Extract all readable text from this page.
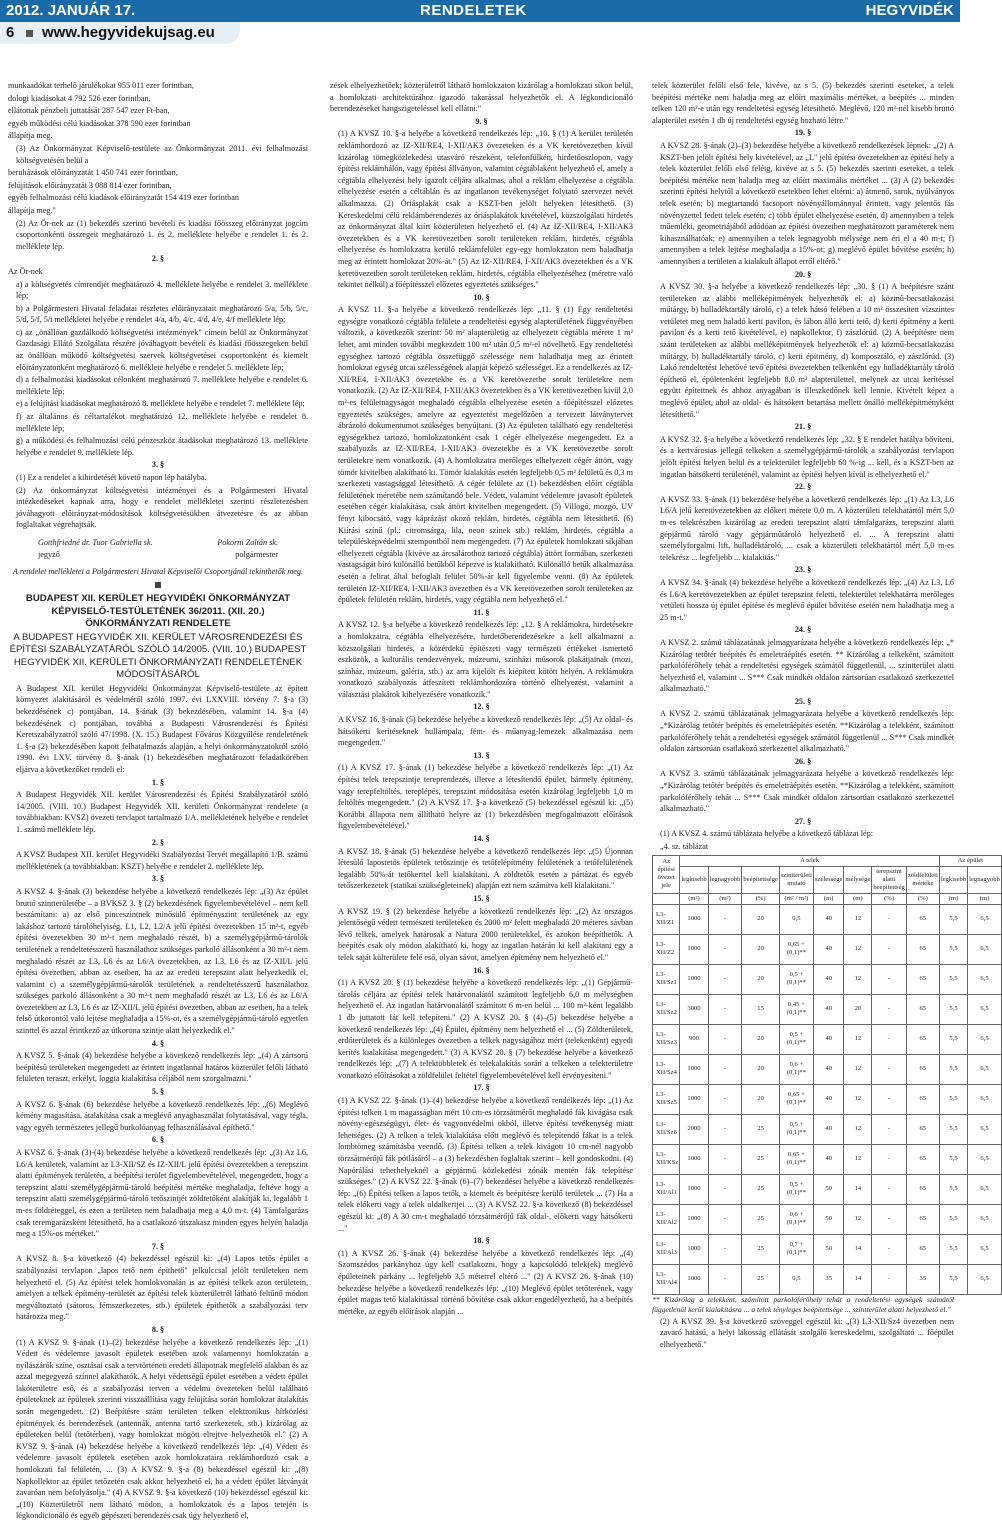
2012. JANUÁR 17.	RENDELETEK	HEGYVIDÉK
6 www.hegyvidekujsag.eu

munkaadókat terhelő járulékokat 955 011 ezer forintban,

dologi kiadásokat 4 792 526 ezer forintban,

ellátottak pénzbeli juttatását 287 547 ezer Ft-ban,

egyéb működési célú kiadásokat 378 590 ezer forintban

állapítja meg.

(3) Az Önkormányzat Képviselő-testülete az Önkormányzat 2011. évi felhalmozási költségvetésén belül a

beruházások előirányzatát 1 450 741 ezer forintban,

felújítások előirányzatát 3 088 814 ezer forintban,

egyéb felhalmozási célú kiadások előirányzatát 154 419 ezer forintban

állapítja meg."

(2) Az Ör-nek az (1) bekezdés szerinti bevételi és kiadási főösszeg előirányzat jogcím csoportonkénti összegeit meghatározó 1. és 2. melléklete helyébe e rendelet 1. és 2. melléklete lép.

2. §

Az Ör-nek

a) a költségvetés címrendjét meghatározó 4. melléklete helyébe e rendelet 3. melléklete lép;

b) a Polgármesteri Hivatal feladatai részletes előirányzatait meghatározó 5/a, 5/b, 5/c, 5/d, 5/f, 5/i mellékletei helyébe e rendelet 4/a, 4/b, 4/c, 4/d, 4/e, 4/f melléklete lép;

c) az „önállóan gazdálkodó költségvetési intézmények" címein belül az Önkormányzat Gazdasági Ellátó Szolgálata részére jóváhagyott bevételi és kiadási főösszegeken belül az önállóan működő költségvetési szervek költségvetései csoportonként és kiemelt előirányzatonként meghatározó 6. melléklete helyébe e rendelet 5. melléklete lép;

d) a felhalmozási kiadásokat célonként meghatározó 7. melléklete helyébe e rendelet 6. melléklete lép;

e) a felújítási kiadásokat meghatározó 8. melléklete helyébe e rendelet 7. melléklete lép;

f) az általános és céltartalékot meghatározó 12. melléklete helyébe e rendelet 8. melléklete lép;

g) a működési és felhalmozási célú pénzeszköz átadásokat meghatározó 13. melléklete helyébe e rendelet 9. melléklete lép.

3. §

(1) Ez a rendelet a kihirdetését követő napon lép hatályba.

(2) Az önkormányzat költségvetési intézményei és a Polgármesteri Hivatal intézkedéseket kapnak arra, hogy e rendelet mellékletei szerinti részletezésben jóváhagyott előirányzat-módosítások költségvetésükben átvezetésre és az abban foglaltakat végrehajtsák.

Gotthfriedné dr. Tuor Gabriella sk.	Pokorni Zoltán sk.
jegyző	polgármester

A rendelet mellékletei a Polgármesteri Hivatal Képviselői Csoportjánál tekinthetők meg.

BUDAPEST XII. KERÜLET HEGYVIDÉKI ÖNKORMÁNYZAT KÉPVISELŐ-TESTÜLETÉNEK 36/2011. (XII. 20.) ÖNKORMÁNYZATI RENDELETE

A BUDAPEST HEGYVIDÉK XII. KERÜLET VÁROSRENDEZÉSI ÉS ÉPÍTÉSI SZABÁLYZATÁRÓL SZÓLÓ 14/2005. (VIII. 10.) BUDAPEST HEGYVIDÉK XII. KERÜLETI ÖNKORMÁNYZATI RENDELETÉNEK MÓDOSÍTÁSÁRÓL

A Budapest XII. kerület Hegyvidéki Önkormányzat Képviselő-testülete az épített környezet alakításáról és védelméről szóló 1997. évi LXXVIII. törvény 7. §-a (3) bekezdésének c) pontjában, 14. §-ának (3) bekezdésében, valamint 14. §-a (4) bekezdésének c) pontjában, továbbá a Budapesti Városrendezési és Építési Keretszabályzatról szóló 47/1998. (X. 15.) Budapest Főváros Közgyűlése rendeletének 1. §-a (2) bekezdésében kapott felhatalmazás alapján, a helyi önkormányzatokról szóló 1990. évi LXV. törvény 8. §-ának (1) bekezdésében meghatározott feladatkörében eljárva a következőket rendeli el:

1. §

A Budapest Hegyvidék XII. kerület Városrendezési és Építési Szabályzatáról szóló 14/2005. (VIII. 10.) Budapest Hegyvidék XII. kerületi Önkormányzat rendelete (a továbbiakban: KVSZ) övezeti tervlapot tartalmazó 1/A. mellékletének helyébe e rendelet 1. számú melléklete lép.

2. §

A KVSZ Budapest XII. kerület Hegyvidéki Szabályozási Tervét megállapító 1/B. számú mellékletének (a továbbiakban: KSZT) helyébe e rendelet 2. melléklete lép.

3. §

A KVSZ 4. §-ának (3) bekezdése helyébe a következő rendelkezés lép: „(3) Az épület bruttó szintterületébe – a BVKSZ 3. § (2) bekezdésének figyelembevételével – nem kell beszámítani: a) az első pinceszintnek minősülő építményszint területének az egy lakáshoz tartozó tárolóhelyiség, L1, L2, L2/A jelű építési övezetekben 15 m²-t, egyéb építési övezetekben 30 m²-t nem meghaladó részét, b) a személygépjármű-tárolók területének a rendeltetésszerű használathoz szükséges parkoló állásonként a 30 m²-t nem meghaladó részét az L3, L6 és az L6/A övezetekben, az L3, L6 és az IZ-XII/L jelű építési övezetben, abban az esetben, ha az az eredeti terepszint alatt helyezkedik el, valamint c) a személygépjármű-tárolók területének a rendeltetésszerű használathoz szükséges parkoló állásonként a 30 m²-t nem meghaladó részét az L3, L6 és az L6/A övezetekben az L3, L6 és az IZ-XII/L jelű építési övezetben, abban az esetben, ha a telek felső útkorontól való lejtése meghaladja a 15%-ot, és a személygépjármű-tároló egyetlen szinttel és azzal érintkező az útkorona szintje alatt helyezkedik el."

4. §

A KVSZ 5. §-ának (4) bekezdése helyébe a következő rendelkezés lép: „(4) A zártsorú beépítésű területeken megengedett az érintett ingatlannal határos közterület felőli látható felületen teraszt, erkélyt, loggia kialakítása céljából nem szorgalmazni."

5. §

A KVSZ 6. §-ának (6) bekezdése helyébe a következő rendelkezés lép: „(6) Meglévő kémény magasítása, átalakítása csak a meglévő anyaghasználat folytatásával, vagy tégla, vagy egyéb természetes jellegű burkolóanyag felhasználásával építhető."

6. §

A KVSZ 6. §-ának (3)-(4) bekezdése helyébe a következő rendelkezés lép: „(3) Az L6, L6/A kerületek, valamint az L3-XII/SZ és IZ-XII/L jelű építési övezetekben a terepszint alatti építmények területén, a beépítési terület figyelembevételével, megengedett, hogy a terepszint alatti személygépjármű-tároló beépítési mértéke meghaladja, feltéve hogy a terepszint alatti személygépjármű-tároló tetőszintjét zöldtetőként alakítják ki, legalább 1 m-es földréteggel, és ezen a területen nem haladhatja meg a 4,0 m-t. (4) Támfalgarázs csak teremgarázsként létesíthető, ha a csatlakozó útszakasz minden egyes helyén haladja meg a 15%-os mértéket."

7. §

A KVSZ 8. §-a következő (4) bekezdéssel egészül ki: „(4) Lapos tetős épület a szabályozási tervlapon „lapos tető nem építhető" jelkulccsal jelölt területeken nem helyezhető el. (5) Az építési telek homlokvonalán is az építési telkek azon területein, amelyen a telkek építmény-területét az építési telek közterületről látható feltűnő módon megváltoztató (sátoros, fémszerkezetes, stb.) épületek építhetők a szabályozási terv határozza meg."

8. §

(1) A KVSZ 9. §-ának (1)–(2) bekezdése helyébe a következő rendelkezés lép: „(1) Védett és védelemre javasolt épületek esetében azok valamennyi homlokzatán a nyílászárók színe, osztásai csak a tervtörténeti eredeti állapotnak megfelelő alakban és az azzal megegyező színnel alakíthatók. A helyi védettségű épület esetében a védett épület lakóterületre eső, és a szabályozási terven a védelmi övezeteken belül található épületeknek az épületek szerinti visszaállítása vagy felújítása során homlokzat átalakítás során megengedett. (2) Beépítésre szánt területen telken elektronikus hírközlési építmények és berendezések (antennák, antenna tartó szerkezetek, stb.) kizárólag az épületeken belül (tetőtérben), vagy homlokzat mögött elrejtve helyezhetők el." (2) A KVSZ 9. §-ának (4) bekezdése helyébe a következő rendelkezés lép: „(4) Védett és védelemre javasolt épületek esetében azok homlokzataira reklámhordozó csak a homlokzati fal felületén, ... (3) A KVSZ 9. §-a (8) bekezdéssel egészül ki: „(8) Napkollektor az épület tetőzetén csak akkor helyezhető el, ha a védett épület látványát zavaróan nem befolyásolja." (4) A KVSZ 9. §-a következő (10) bekezdéssel egészül ki: „(10) Közterületről nem látható módon, a homlokzatok és a lapos tetején is légkondicionáló és egyéb gépészeti berendezés csak úgy helyezhető el,

zések elhelyezhetőek; közterületről látható homlokzaton kizárólag a homlokzati síkon belül, a homlokzati architektúrához igazodó takarással helyezhetők el. A légkondicionáló berendezéseket hangszigeteléssel kell ellátni."

9. §

(1) A KVSZ 10. §-a helyébe a következő rendelkezés lép: „10. § (1) A kerület területén reklámhordozó az IZ-XII/RE4, I-XII/AK3 övezeteken és a VK keretövezetben kívül kizárólag tömegközlekedési utasváró részeként, telefonfülkén, hirdetőoszlopon, vagy építési reklámhálón, vagy építési állványon, valamint cégtáblaként helyezhető el, amely a cégtábla elhelyezési hely igazolt céljára alkalmas, ahol a reklám elhelyezése a cégtábla elhelyezése esetén a céltáblán és az ingatlanon tevékenységet folytató szervezet nevét alkalmazza. (2) Óriásplakát csak a KSZT-ben jelölt helyeken létesíthető. (3) Kereskedelmi célú reklámberendezés az óriásplakátok kivételével, közszolgálati hirdetés az önkormányzat által kiírt közterületen helyezhető el. (4) Az IZ-XII/RE4, I-XII/AK3 övezetekben és a VK keretövezetben sorolt területeken reklám, hirdetés, cégtábla elhelyezése és homlokzatra kerülő reklámfelület egy-egy homlokzaton nem haladhatja meg az érintett homlokzat 20%-át." (5) Az IZ-XII/RE4, I-XII/AK3 övezetekben és a VK keretövezetben sorolt területeken reklám, hirdetés, cégtábla elhelyezéséhez (méretre való tekintet nélkül) a főépítésszel előzetes egyeztetés szükséges."

10. §

A KVSZ 11. §-a helyébe a következő rendelkezés lép: „11. § (1) Egy rendeltetési egységre vonatkozó cégtábla felülete a rendeltetési egység alapterületének függvényében változik, a következők szerint: 50 m² alapterületig az elhelyezett cégtábla mérete 1 m² lehet, ami minden további megkezdett 100 m² után 0,5 m²-el növelhető. Egy rendeltetési egységhez tartozó cégtábla összefüggő szélessége nem haladhatja meg az érintett homlokzat egység utcai szélességének alapját képező szélességet. Ez a rendelkezés az IZ-XII/RE4, I-XII/AK3 övezetekbe és a VK keretövezetbe sorolt területekre nem vonatkozik. (2) Az IZ-XII/RE4, I-XII/AK3 övezetekben és a VK keretövezetben kívül 2,0 m²-es felületnagyságot meghaladó cégtábla elhelyezése esetén a főépítésszel előzetes egyeztetés szükséges, amelyre az egyeztetést megelőzően a tervezett látványtervet ábrázoló dokumentumot szükséges benyújtani. (3) Az épületen található egy rendeltetési egységekhez tartozó, homlokzatonként csak 1 cégér elhelyezése megengedett. Ez a szabályozás az IZ-XII/RE4, I-XII/AK3 övezetekbe és a VK keretövezetbe sorolt területekre nem vonatkozik. (4) A homlokzatra merőleges elhelyezett cégér áttört, vagy tömör kivitelben alakítható ki. Tömör kialakítás esetén legfeljebb 0,5 m² felületű és 0,3 m szerkezeti vastagsággal létesíthető. A cégér felülete az (1) bekezdésben előírt cégtábla felületének méretébe nem számítandó bele. Védett, valamint védelemre javasolt épületek esetében cégér kialakítása, csak áttört kivitelben megengedett. (5) Villogó, mozgó, UV fényt kibocsátó, vagy káprázást okozó reklám, hirdetés, cégtábla nem létesíthető. (6) Kiírási színű (pl.: citromsárga, lila, neon színek stb.) reklám, hirdetés, cégtábla a településképvédelmi szempontból nem megengedett. (7) Az épületek homlokzati síkjában elhelyezett cégtábla (kivéve az árcsalárothoz tartozó cégtábla) áttört formában, szerkezeti vastagságát bíró különálló betűkből képezve is kialakítható. Különálló betűk alkalmazása esetén a felirat által befoglalt felület 50%-ár kell figyelembe venni. (8) Az épületek területén IZ-XII/RE4, I-XII/AK3 övezetben és a VK keretövezetben sorolt területeken az épületek felületén reklám, hirdetés, vagy cégtábla nem helyezhető el."

11. §

A KVSZ 12. §-a helyébe a következő rendelkezés lép: „12. § A reklámokra, hirdetésekre a homlokzatra, cégtábla elhelyezésére, hirdetőberendezésekre a kell alkalmazni a közszolgálati hirdetés, a közérdekű építészeti vagy természeti értékeket ismertető eszközök, a kulturális rendezvények, múzeumi, színházi műsorok plakátjainak (mozi, színház, múzeum, galéria, stb.) az arra kijelölt és kiépített kötött helyén. A reklámokra vonatkozó szabályozás átfeszített reklámhordozóra történő elhelyezést, valamint a választási plakátok kihelyezésére vonatkozik."

12. §

A KVSZ 16. §-ának (5) bekezdése helyébe a következő rendelkezés lép: „(5) Az oldal- és hátsókerti kerítéseknek hullámpala, fém- és műanyag-lemezek alkalmazása nem megengedett."

13. §

(1) A KVSZ 17. §-ának (1) bekezdése helyébe a következő rendelkezés lép: „(1) Az építési telek terepszintje tereprendezés, illetve a létesítendő épület, bármely építmény, vagy terepfeltöltés, tereplépés, terepszint módosítása esetén kizárólag legfeljebb 1,0 m feltöltés megengedett." (2) A KVSZ 17. §-a következő (5) bekezdéssel egészül ki: „(5) Korábbi állapota nem állítható helyre az (1) bekezdésben megfogalmazott előírások figyelembevételével."

14. §

A KVSZ 18. §-ának (5) bekezdése helyébe a következő rendelkezés lép: „(5) Újonnan létesülő lapostetős épületek tetőszintje és tetőfelépítmény felületének a tetőfelületének legalább 50%-át tetőkerttel kell kialakítani. A zöldtetők esetén a pártázat és egyéb tetőszerkezetek (statikai szükségleteinek) alapján ezt nem számítva kell kialakítani."

15. §

A KVSZ 19. § (2) bekezdése helyébe a következő rendelkezés lép: „(2) Az országos jelentőségű védett természeti területeken és 2000 m² felett meghaladó 20 méteres sávban lévő telkek, amelyek határosak a Natura 2000 területekkel, és azokon beépíthetők. A beépítés csak oly módon alakítható ki, hogy az ingatlan határán ki kell alakítani egy a telek saját külterülete felé eső, olyan sávot, amelyen építmény nem helyezhető el."

16. §

(1) A KVSZ 20. § (1) bekezdése helyébe a következő rendelkezés lép: „(1) Gépjármű-tárolás céljára az építési telek határvonalától számított legfeljebb 6,0 m mélységben helyezhető el. Az ingatlan határvonalától számított 6 m-en belül ... 100 m²-ként legalább 1 db juttatott fát kell telepíteni." (2) A KVSZ 20. § (4)–(5) bekezdése helyébe a következő rendelkezés lép: „(4) Épület, építmény nem helyezhető el ... (5) Zöldterületek, erdőterületek és a különleges övezetben a telkek nagyságához mért (telekenként) egyedi kerítés kialakítása megengedett." (3) A KVSZ 20. § (7) bekezdése helyébe a következő rendelkezés lép: „(7) A telektöbbletek és telekalakítás során a telkeken a telekterületre vonatkozó előírásokat a zöldfelület feltétel figyelembevételével kell érvényesíteni."

17. §

(1) A KVSZ 22. §-ának (1)–(4) bekezdése helyébe a következő rendelkezés lép: „(1) Az építési telken 1 m magasságban mért 10 cm-es törzsátmérőt meghaladó fák kivágása csak növény-egészségügyi, élet- és vagyonvédelmi okból, illetve építési tevékenység miatt lehetséges. (2) A telken a telek kialakítása előtt meglévő és telepítendő fákat is a telek lombtömeg számításba veendő. (3) Építési telken a telek kivágott 10 cm-nél nagyobb törzsátmérőjű fák pótlásáról – a (3) bekezdésben foglaltak szerint – kell gondoskodni. (4) Napórálási teherhelyeknél a gépjármű közlekedési zónák mentén fák telepítése szükséges." (2) A KVSZ 22. §-ának (6)–(7) bekezdései helyébe a következő rendelkezés lép: „(6) Építési telken a lapos tetők, a kiemelt és beépítésre kerülő területek ... (7) Ha a telek előkerti vagy a telek oldalkertjei ... (3) A KVSZ 22. §-a következő (8) bekezdéssel egészül ki: „(8) A 30 cm-t meghaladó törzsátmérőjű fák oldal-, előkerti vagy hátsókerti ..."

18. §

(1) A KVSZ 26. §-ának (4) bekezdése helyébe a következő rendelkezés lép: „(4) Szomszédos parkányhoz úgy kell csatlakozni, hogy a kapcsolódó telek(ek) meglévő épületeinek párkány ... legfeljebb 3,5 méterrel eltérő ..." (2) A KVSZ 26. §-ának (10) bekezdése helyébe a következő rendelkezés lép: „(10) Meglévő épület tetőterének, vagy épület magas tető kialakítással történő bővítése csak akkor engedélyezhető, ha a beépítés mértéke, az egyéb előírások alapján ...

telek közterület felőli első fele, kivéve, az s 5. (5) bekezdés szerinti eseteket, a telek beépítési mértéke nem haladja meg az előírt maximális mértéket, a beépítés ... minden telken 120 m²-e után egy rendeltetési egység létesíthető. Meglévő, 120 m²-nél kisebb bruttó alapterület esetén 1 db új rendeltetési egység hozható létre."

19. §

A KVSZ 28. §-ának (2)–(3) bekezdése helyébe a következő rendelkezések lépnek: „(2) A KSZT-ben jelölt építési hely kivételével, az „L" jelű építési övezetekben az építési hely a telek közterület felőli első feléig, kivéve az s 5. (5) bekezdés szerinti eseteket, a telek beépítési mértéke nem haladja meg az előírt maximális mértéket ... (3) A (2) bekezdés szerinti építési helytől a következő esetekben lehet eltérni: a) átmenő, sarok, nyúlványos telek esetén; b) megtartandó facsoport növényállománnyal érintett, vagy jelentős fás növényzettel fedett telek esetén; c) több épület elhelyezése esetén, d) amennyiben a telek műemléki, geometriájából adódóan az építési övezetben meghatározott paraméterek nem kihasználhatóak; e) amennyiben a telek legnagyobb mélysége nem éri el a 40 m-t; f) amennyiben a telek lejtése meghaladja a 15%-ot; g) meglévő épület bővítése esetén; h) amennyiben a területen a kialakult állapot erről eltérő."

20. §

A KVSZ 30. §-a helyébe a következő rendelkezés lép: „30. § (1) A beépítésre szánt területeken az alábbi melléképítmények helyezhetők el: a) közmű-becsatlakozási műtárgy, b) hulladéktartály tároló, c) a telek hátsó felében a 10 m² összesített vízszintes vetületet meg nem haladó kerti pavilon, és lábon álló kerti tető, d) kerti építmény a kerti pavilon és a kerti tető kivételével, e) napkollektor, f) zászlórúd. (2) A beépítésre nem szánt területeken az alábbi melléképítmények helyezhetők el: a) közmű-becsatlakozási műtárgy, b) hulladéktartály tároló, c) kerti építmény, d) komposztáló, e) zászlórúd. (3) Lakó rendeltetést lehetővé tevő építési övezetekben telkenként egy hulladéktartály tároló építhető el, épületenként legfeljebb 8,0 m² alapterülettel, melynek az utcai kerítéssel együtt építettnek és ahhoz anyagában is illeszkedőnek kell lennie. Kivételt képez a meglévő épület, ahol az oldal- és hátsókert betartása mellett önálló melléképítményként létesíthető."

21. §

A KVSZ 32. §-a helyébe a következő rendelkezés lép: „32. § E rendelet hatálya bővíteni, és a kertvárosias jellegű telkeken a személygépjármű-tárolók a szabályozási tervlapon jelölt építési helyen belül és a telekterület legfeljebb 60 %-ig ... kell, és a KSZT-ben az ingatlan hátsókerti területénél, valamint az építési helyen kívül is elhelyezhető el."

22. §

A KVSZ 33. §-ának (1) bekezdése helyébe a következő rendelkezés lép: „(1) Az L3, L6 L6/A jelű keretövezetekben az előkert mérete 0,0 m. A közterületi telekhatártól mért 5,0 m-es telekrészben kizárólag az eredeti terepszint alatti támfalgarázs, terepszint alatti gépjármű tároló vagy gépjárműtároló helyezhető el. ... A terepszint alatti személyforgalmi lift, hulladéktároló, ... csak a közterületi telekhatártól mért 5,0 m-es telekrész ... legfeljebb ... kialakítás."

23. §

A KVSZ 34. §-ának (4) bekezdése helyébe a következő rendelkezés lép: „(4) Az L3, L6 és L6/A keretövezetekben az épület terepszint feletti, telekterület telekhatárra merőleges vetületi hossza új épület építése és meglévő épület bővítése esetén nem haladhatja meg a 25 m-t."

24. §

A KVSZ 2. számú táblázatának jelmagyarázata helyébe a következő rendelkezés lép: „* Kizárólag tetőtér beépítés és emeletráépítés esetén. ** Kizárólag a telkeként, számított parkolóférőhely tehát a rendeltetési egységek számától függetlenül, ... szintterület alatti helyezhető el, valamint ... S*** Csak mindkét oldalon zártsorúan csatlakozó szerkezettel alkalmazható."

25. §

A KVSZ 2. számú táblázatának jelmagyarázata helyébe a következő rendelkezés lép: „*Kizárólag tetőtér beépítés és emeletráépítés esetén. **Kizárólag a telekként, számított parkolóférőhely tehát a rendeltetési egységek számától függetlenül ... S*** Csak mindkét oldalon zártsorúan csatlakozó szerkezettel alkalmazható."

26. §

A KVSZ 3. számú táblázatának jelmagyarázata helyébe a következő rendelkezés lép: „*Kizárólag tetőtér beépítés és emeletráépítés esetén. **Kizárólag a telekként, számított parkolóférőhely tehát ... S*** Csak mindkét oldalon zártsorúan csatlakozó szerkezettel alkalmazható."

27. §

(1) A KVSZ 4. számú táblázata helyébe a következő táblázat lép:

„4. sz. táblázat

Az építési övezet jele	A telek								Az épület	
	legkisebb	legnagyobb	beépítettsége	szintterületi mutató	szélessége	mélysége	terepszint alatti beépítettség	zöldfelületi mértéke	legkisebb	legnagyobb
	(m²)	(m²)	(%)	(m² / m²)	(m)	(m)	(%)	(%)	(m)	(m)
L3-XII/Z1	1000	-	20	0,5	40	12	-	65	5,5	6,5
L3-XII/Z2	1000	-	20	0,65 +(0,1)**	40	12	-	65	5,5	6,5
L3-XII/Sz1	1000	-	20	0,5 +(0,1)**	40	12	-	65	5,5	6,5
L3-XII/Sz2	3000	-	15	0,45 +(0,1)**	40	20	-	65	5,5	6,5
L3-XII/Sz3	900	-	20	0,5 +(0,1)**	40	12	-	65	5,5	6,5
L3-XII/Sz4	1000	-	20	0,6 +(0,1)**	40	12	-	65	5,5	6,5
L3-XII/Sz5	1000	-	20	0,65 +(0,1)**	40	12	-	65	5,5	6,5
L3-XII/Sz6	2000	-	25	0,5 +(0,1)**	40	12	-	65	5,5	6,5
L3-XII/KSz	1000	-	25	0,65 +(0,1)**	40	12	-	65	5,5	6,5
L3-XII/Al1	1000	-	25	0,5 +(0,1)**	50	14	-	65	5,5	6,5
L3-XII/Al2	1000	-	25	0,6 +(0,1)**	50	12	-	65	5,5	6,5
L3-XII/Al3	1000	-	25	0,7 +(0,1)**	50	14	-	65	5,5	6,5
L3-XII/Al4	1000	-	25	0,5	35	14	-	35	5,5	6,5

** Kizárólag a telekként, számított parkolóférőhely tehát a rendeltetési egységek számától függetlenül kerül kialakításra ... a telek tényleges beépítettsége ... szintterület alatti helyezhető el."

(2) A KVSZ 39. §-a következő szöveggel egészül ki: „(3) L3-XII/Sz4 övezetben nem zavaró hatású, a helyi lakosság ellátását szolgáló kereskedelmi, szolgáltató ... főépület elhelyezhető."
